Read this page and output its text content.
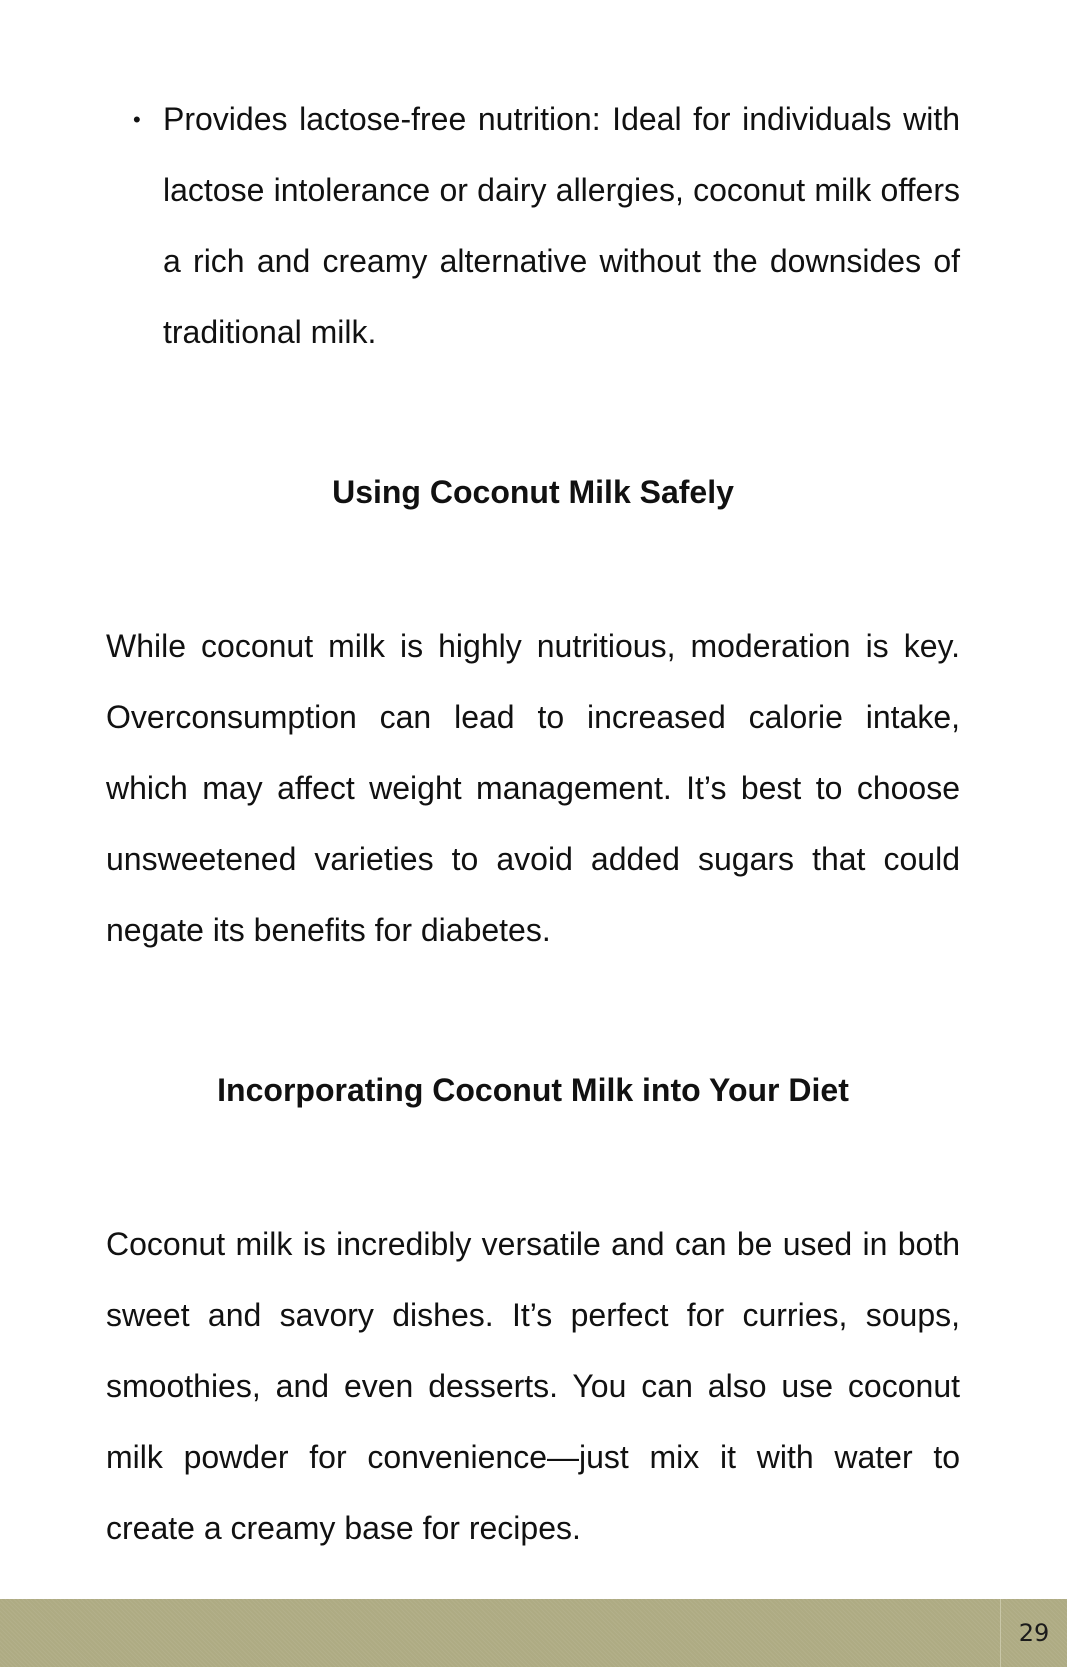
• Provides lactose-free nutrition: Ideal for individuals with lactose intolerance or dairy allergies, coconut milk offers a rich and creamy alternative without the downsides of traditional milk.
Using Coconut Milk Safely

While coconut milk is highly nutritious, moderation is key. Overconsumption can lead to increased calorie intake, which may affect weight management. It’s best to choose unsweetened varieties to avoid added sugars that could negate its benefits for diabetes.

Incorporating Coconut Milk into Your Diet

Coconut milk is incredibly versatile and can be used in both sweet and savory dishes. It’s perfect for curries, soups, smoothies, and even desserts. You can also use coconut milk powder for convenience—just mix it with water to create a creamy base for recipes.

29
